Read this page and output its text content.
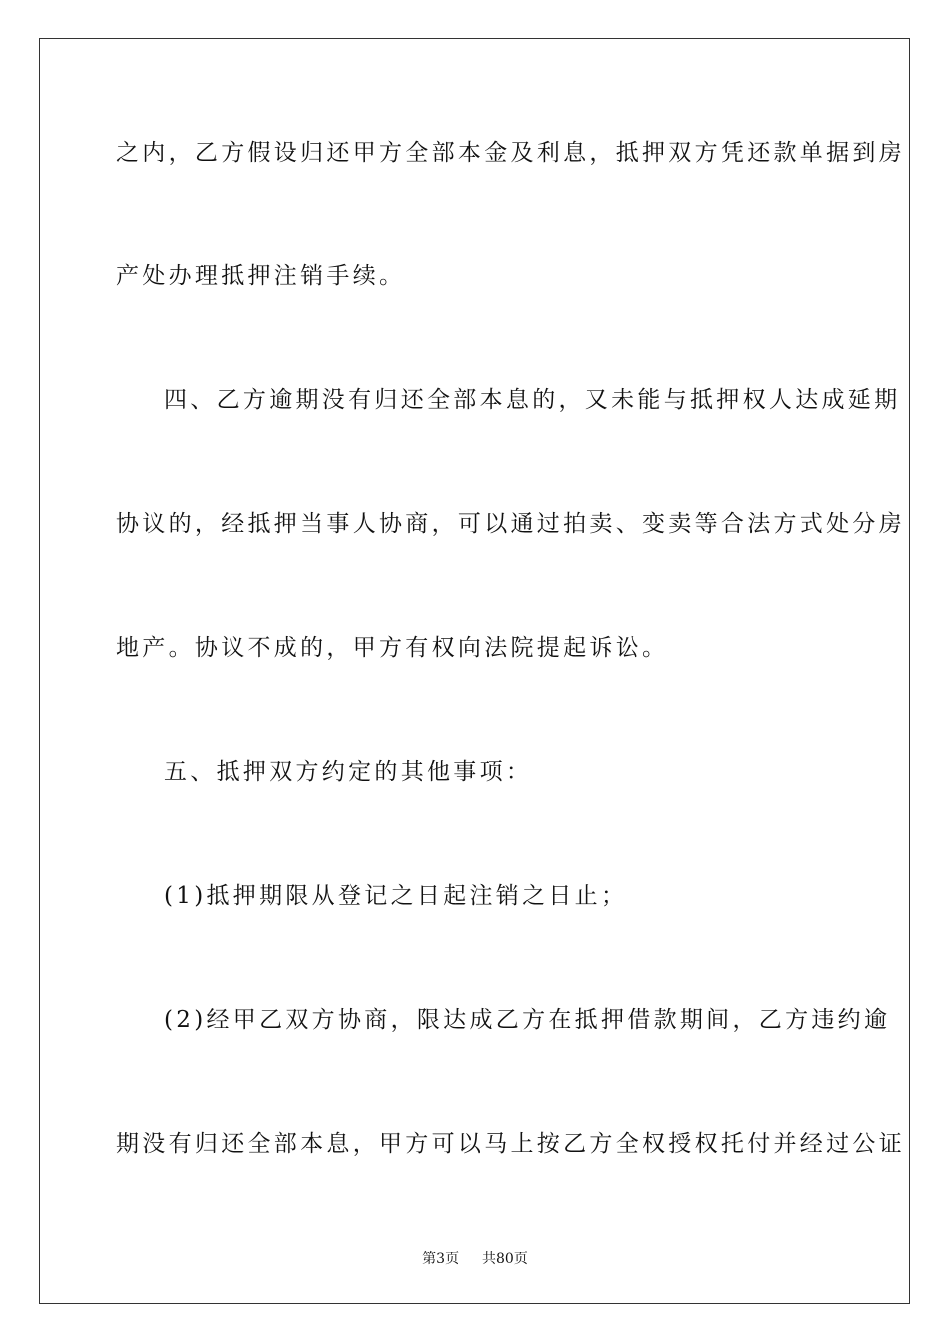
之内，乙方假设归还甲方全部本金及利息，抵押双方凭还款单据到房
产处办理抵押注销手续。
四、乙方逾期没有归还全部本息的，又未能与抵押权人达成延期
协议的，经抵押当事人协商，可以通过拍卖、变卖等合法方式处分房
地产。协议不成的，甲方有权向法院提起诉讼。
五、抵押双方约定的其他事项：
(1)抵押期限从登记之日起注销之日止；
(2)经甲乙双方协商，限达成乙方在抵押借款期间，乙方违约逾
期没有归还全部本息，甲方可以马上按乙方全权授权托付并经过公证
第3页 共80页
